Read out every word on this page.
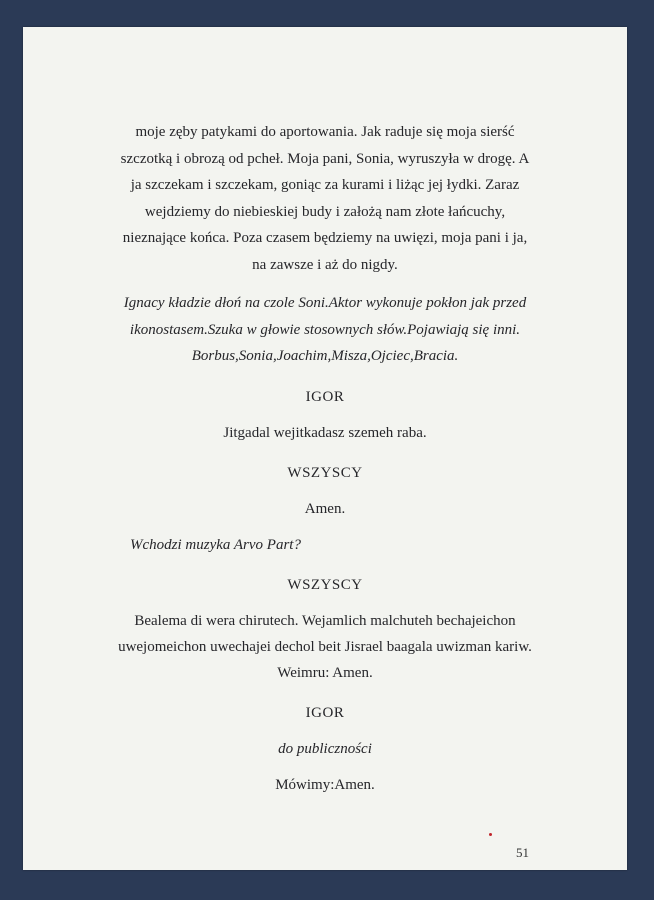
moje zęby patykami do aportowania. Jak raduje się moja sierść
szczotką i obrozą od pcheł. Moja pani, Sonia, wyruszyła w drogę. A
ja szczekam i szczekam, goniąc za kurami i liżąc jej łydki. Zaraz
wejdziemy do niebieskiej budy i założą nam złote łańcuchy,
nieznające końca. Poza czasem będziemy na uwięzi, moja pani i ja,
na zawsze i aż do nigdy.
Ignacy kładzie dłoń na czole Soni.Aktor wykonuje pokłon jak przed
ikonostasem.Szuka w głowie stosownych słów.Pojawiają się inni.
Borbus,Sonia,Joachim,Misza,Ojciec,Bracia.
IGOR
Jitgadal wejitkadasz szemeh raba.
WSZYSCY
Amen.
Wchodzi muzyka Arvo Part?
WSZYSCY
Bealema di wera chirutech. Wejamlich malchuteh bechajeichon
uwejomeichon uwechajei dechol beit Jisrael baagala uwizman kariw.
Weimru: Amen.
IGOR
do publiczności
Mówimy:Amen.
51
